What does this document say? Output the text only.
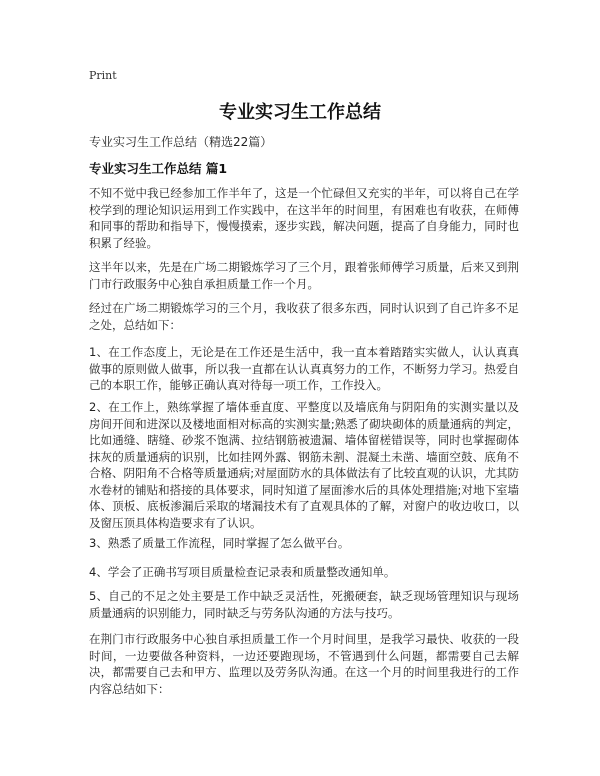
Print
专业实习生工作总结
专业实习生工作总结（精选22篇）
专业实习生工作总结 篇1

不知不觉中我已经参加工作半年了，这是一个忙碌但又充实的半年，可以将自己在学校学到的理论知识运用到工作实践中，在这半年的时间里，有困难也有收获，在师傅和同事的帮助和指导下，慢慢摸索，逐步实践，解决问题，提高了自身能力，同时也积累了经验。

这半年以来，先是在广场二期锻炼学习了三个月，跟着张师傅学习质量，后来又到荆门市行政服务中心独自承担质量工作一个月。

经过在广场二期锻炼学习的三个月，我收获了很多东西，同时认识到了自己许多不足之处，总结如下：

1、在工作态度上，无论是在工作还是生活中，我一直本着踏踏实实做人，认认真真做事的原则做人做事，所以我一直都在认认真真努力的工作，不断努力学习。热爱自己的本职工作，能够正确认真对待每一项工作，工作投入。

2、在工作上，熟练掌握了墙体垂直度、平整度以及墙底角与阴阳角的实测实量以及房间开间和进深以及楼地面相对标高的实测实量;熟悉了砌块砌体的质量通病的判定，比如通缝、瞎缝、砂浆不饱满、拉结钢筋被遗漏、墙体留槎错误等，同时也掌握砌体抹灰的质量通病的识别，比如挂网外露、钢筋未割、混凝土未凿、墙面空鼓、底角不合格、阴阳角不合格等质量通病;对屋面防水的具体做法有了比较直观的认识，尤其防水卷材的铺贴和搭接的具体要求，同时知道了屋面渗水后的具体处理措施;对地下室墙体、顶板、底板渗漏后采取的堵漏技术有了直观具体的了解，对窗户的收边收口，以及窗压顶具体构造要求有了认识。

3、熟悉了质量工作流程，同时掌握了怎么做平台。

4、学会了正确书写项目质量检查记录表和质量整改通知单。

5、自己的不足之处主要是工作中缺乏灵活性，死搬硬套，缺乏现场管理知识与现场质量通病的识别能力，同时缺乏与劳务队沟通的方法与技巧。

在荆门市行政服务中心独自承担质量工作一个月时间里，是我学习最快、收获的一段时间，一边要做各种资料，一边还要跑现场，不管遇到什么问题，都需要自己去解决，都需要自己去和甲方、监理以及劳务队沟通。在这一个月的时间里我进行的工作内容总结如下：
